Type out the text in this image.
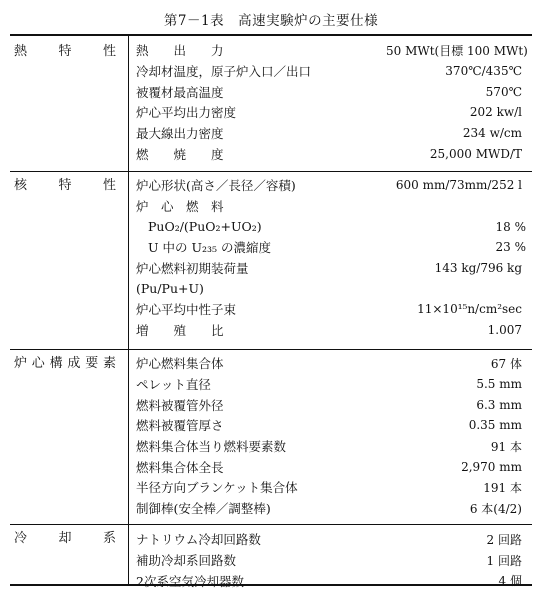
第7－1表　高速実験炉の主要仕様
熱　特　性	熱　　出　　力	50 MWt(目標 100 MWt)
冷却材温度，原子炉入口／出口	370℃/435℃
被覆材最高温度	570℃
炉心平均出力密度	202 kw/l
最大線出力密度	234 w/cm
燃　　焼　　度	25,000 MWD/T
核　特　性	炉心形状(高さ／長径／容積)	600 mm/73mm/252 l
炉　心　燃　料
PuO₂/(PuO₂+UO₂)	18 %
U 中の U₂₃₅ の濃縮度	23 %
炉心燃料初期装荷量	143 kg/796 kg
(Pu/Pu+U)
炉心平均中性子束	11×10¹⁵n/cm²sec
増　　殖　　比	1.007
炉心構成要素	炉心燃料集合体	67 体
ペレット直径	5.5 mm
燃料被覆管外径	6.3 mm
燃料被覆管厚さ	0.35 mm
燃料集合体当り燃料要素数	91 本
燃料集合体全長	2,970 mm
半径方向ブランケット集合体	191 本
制御棒(安全棒／調整棒)	6 本(4/2)
冷　却　系	ナトリウム冷却回路数	2 回路
補助冷却系回路数	1 回路
2次系空気冷却器数	4 個
